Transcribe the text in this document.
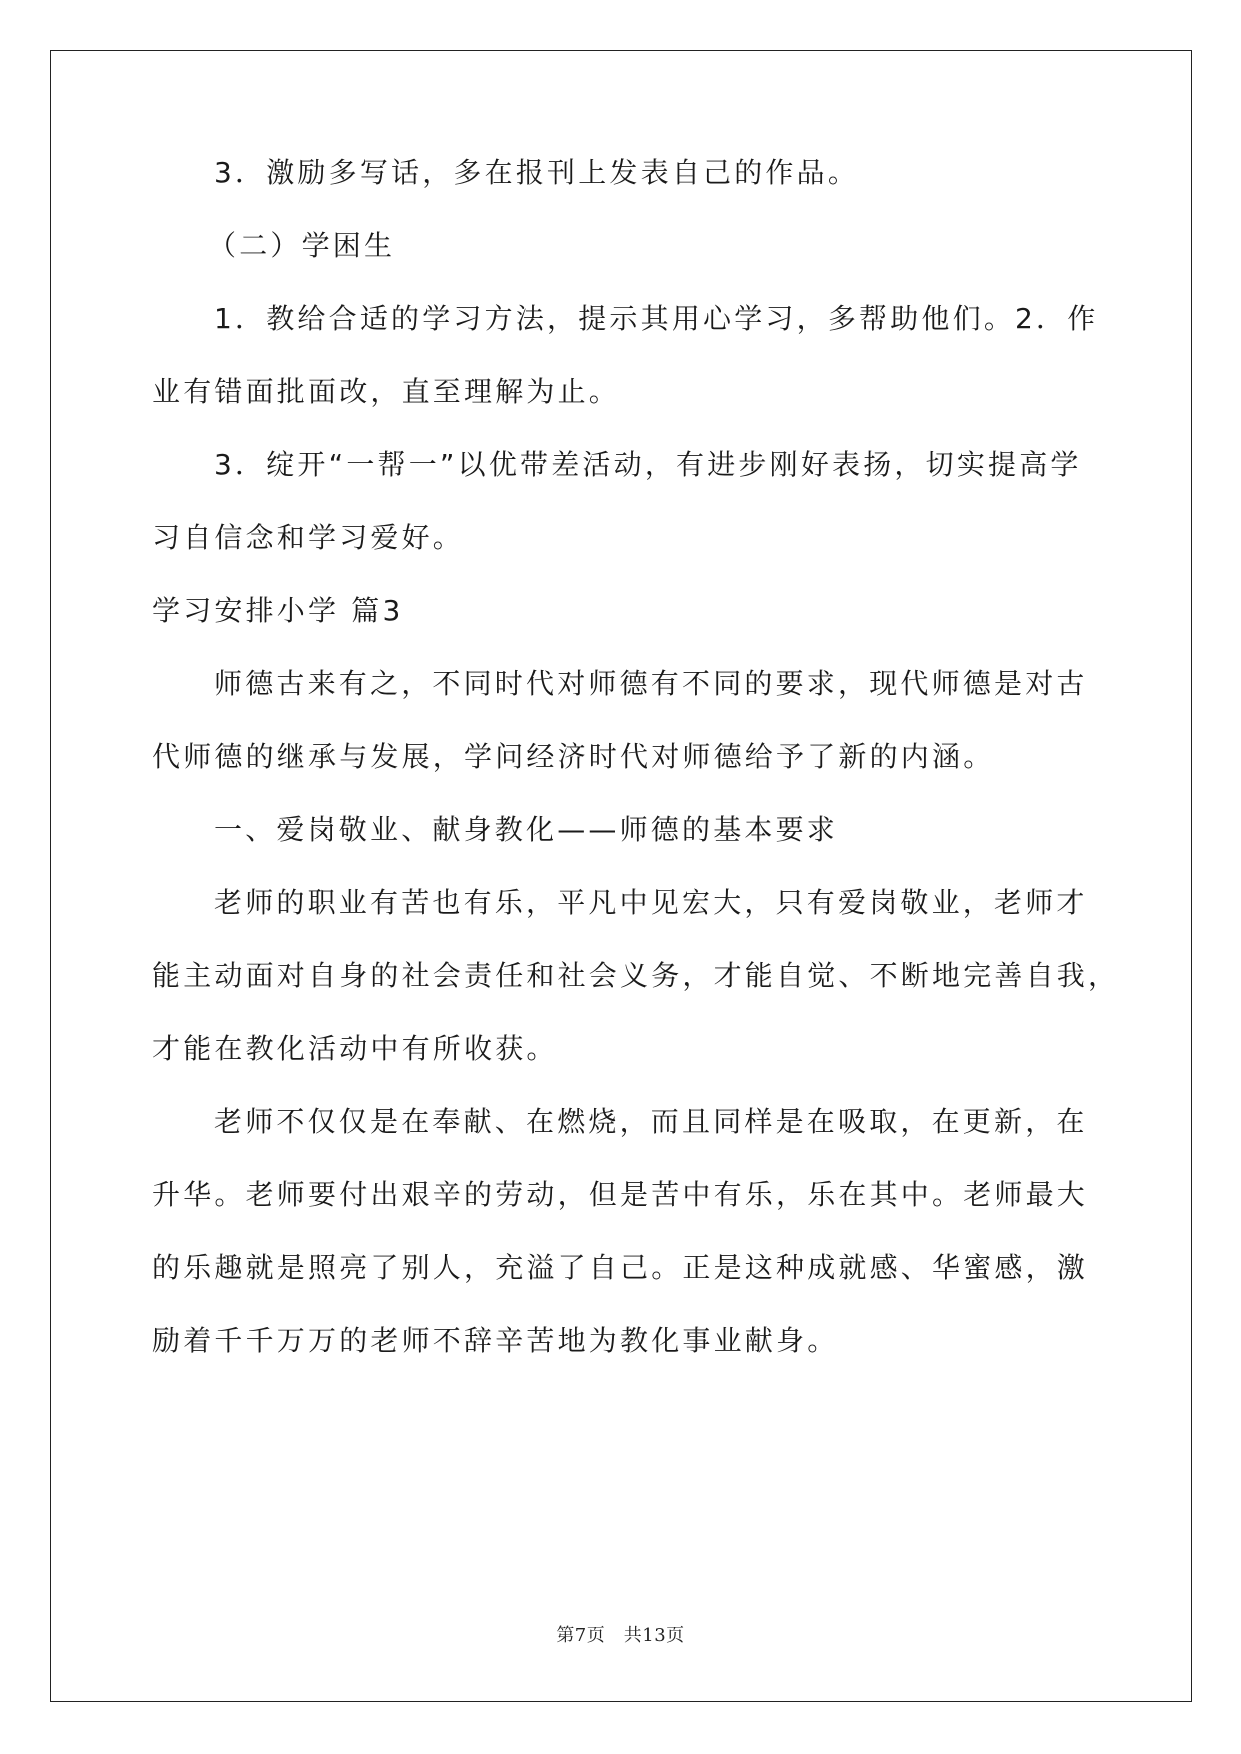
3．激励多写话，多在报刊上发表自己的作品。
（二）学困生
1．教给合适的学习方法，提示其用心学习，多帮助他们。2．作
业有错面批面改，直至理解为止。
3．绽开“一帮一”以优带差活动，有进步刚好表扬，切实提高学
习自信念和学习爱好。
学习安排小学 篇3
师德古来有之，不同时代对师德有不同的要求，现代师德是对古
代师德的继承与发展，学问经济时代对师德给予了新的内涵。
一、爱岗敬业、献身教化——师德的基本要求
老师的职业有苦也有乐，平凡中见宏大，只有爱岗敬业，老师才
能主动面对自身的社会责任和社会义务，才能自觉、不断地完善自我，
才能在教化活动中有所收获。
老师不仅仅是在奉献、在燃烧，而且同样是在吸取，在更新，在
升华。老师要付出艰辛的劳动，但是苦中有乐，乐在其中。老师最大
的乐趣就是照亮了别人，充溢了自己。正是这种成就感、华蜜感，激
励着千千万万的老师不辞辛苦地为教化事业献身。
第7页　共13页
